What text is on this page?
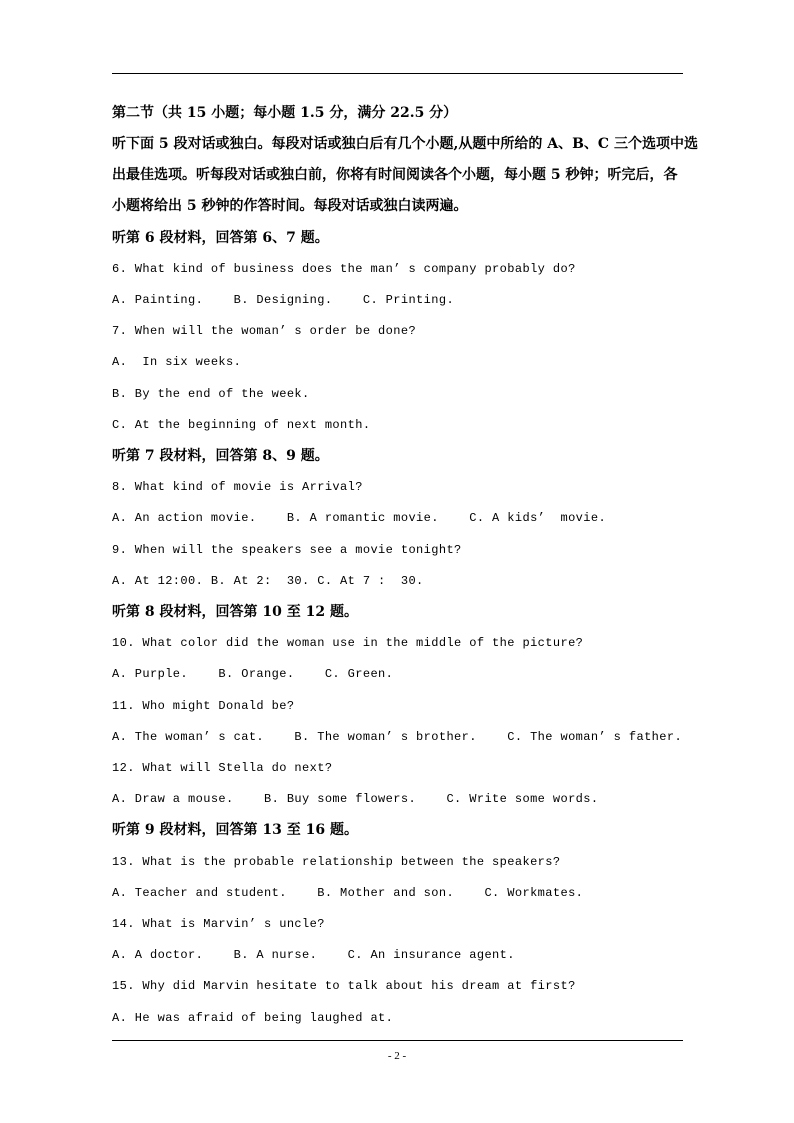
第二节（共 15 小题；每小题 1.5 分，满分 22.5 分）
听下面 5 段对话或独白。每段对话或独白后有几个小题,从题中所给的 A、B、C 三个选项中选
出最佳选项。听每段对话或独白前，你将有时间阅读各个小题，每小题 5 秒钟；听完后，各
小题将给出 5 秒钟的作答时间。每段对话或独白读两遍。
听第 6 段材料，回答第 6、7 题。
6. What kind of business does the man’ s company probably do?
A. Painting.    B. Designing.    C. Printing.
7. When will the woman’ s order be done?
A.  In six weeks.
B. By the end of the week.
C. At the beginning of next month.
听第 7 段材料，回答第 8、9 题。
8. What kind of movie is Arrival?
A. An action movie.    B. A romantic movie.    C. A kids’  movie.
9. When will the speakers see a movie tonight?
A. At 12:00. B. At 2:  30. C. At 7 :  30.
听第 8 段材料，回答第 10 至 12 题。
10. What color did the woman use in the middle of the picture?
A. Purple.    B. Orange.    C. Green.
11. Who might Donald be?
A. The woman’ s cat.    B. The woman’ s brother.    C. The woman’ s father.
12. What will Stella do next?
A. Draw a mouse.    B. Buy some flowers.    C. Write some words.
听第 9 段材料，回答第 13 至 16 题。
13. What is the probable relationship between the speakers?
A. Teacher and student.    B. Mother and son.    C. Workmates.
14. What is Marvin’ s uncle?
A. A doctor.    B. A nurse.    C. An insurance agent.
15. Why did Marvin hesitate to talk about his dream at first?
A. He was afraid of being laughed at.
- 2 -
